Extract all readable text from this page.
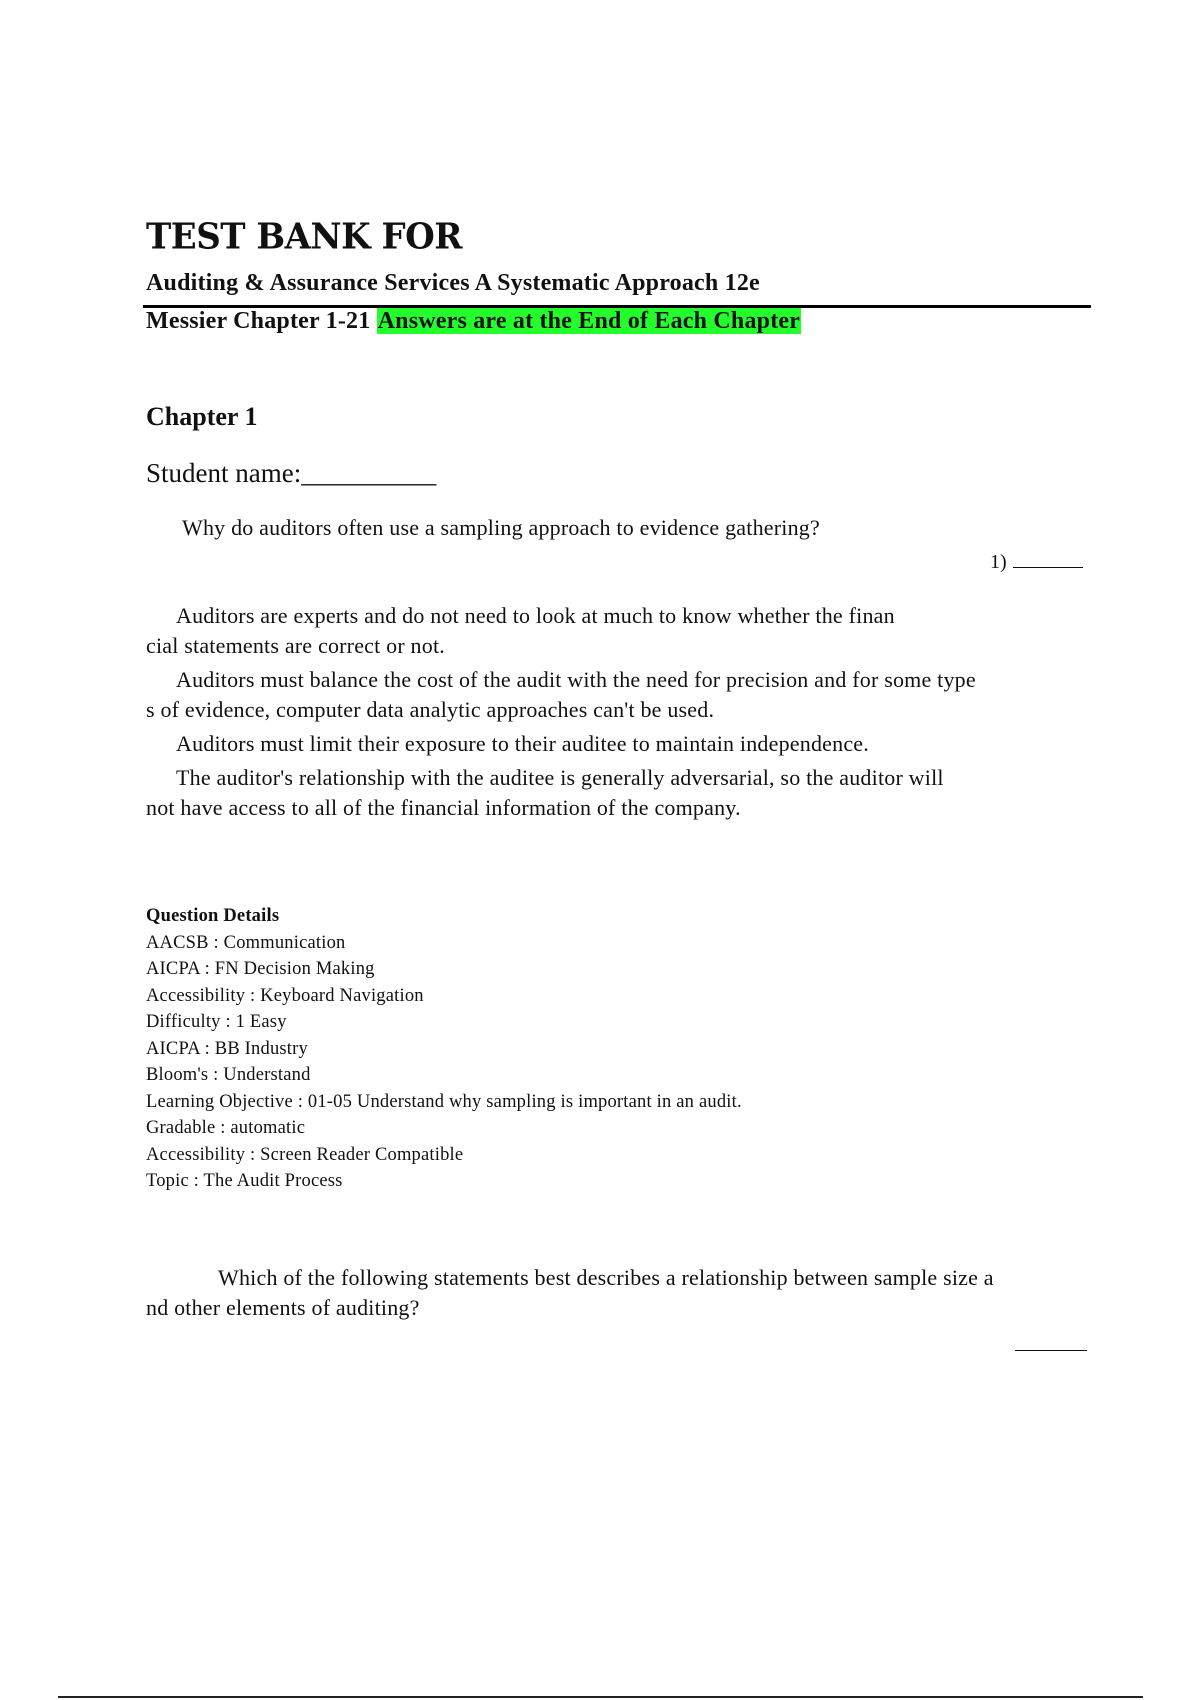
TEST BANK FOR
Auditing & Assurance Services A Systematic Approach 12e
Messier Chapter 1-21 Answers are at the End of Each Chapter
Chapter 1
Student name:__________
Why do auditors often use a sampling approach to evidence gathering?
1)
Auditors are experts and do not need to look at much to know whether the finan
cial statements are correct or not.
Auditors must balance the cost of the audit with the need for precision and for some type
s of evidence, computer data analytic approaches can't be used.
Auditors must limit their exposure to their auditee to maintain independence.
The auditor's relationship with the auditee is generally adversarial, so the auditor will
not have access to all of the financial information of the company.
Question Details
AACSB : Communication
AICPA : FN Decision Making
Accessibility : Keyboard Navigation
Difficulty : 1 Easy
AICPA : BB Industry
Bloom's : Understand
Learning Objective : 01-05 Understand why sampling is important in an audit.
Gradable : automatic
Accessibility : Screen Reader Compatible
Topic : The Audit Process
Which of the following statements best describes a relationship between sample size a
nd other elements of auditing?
